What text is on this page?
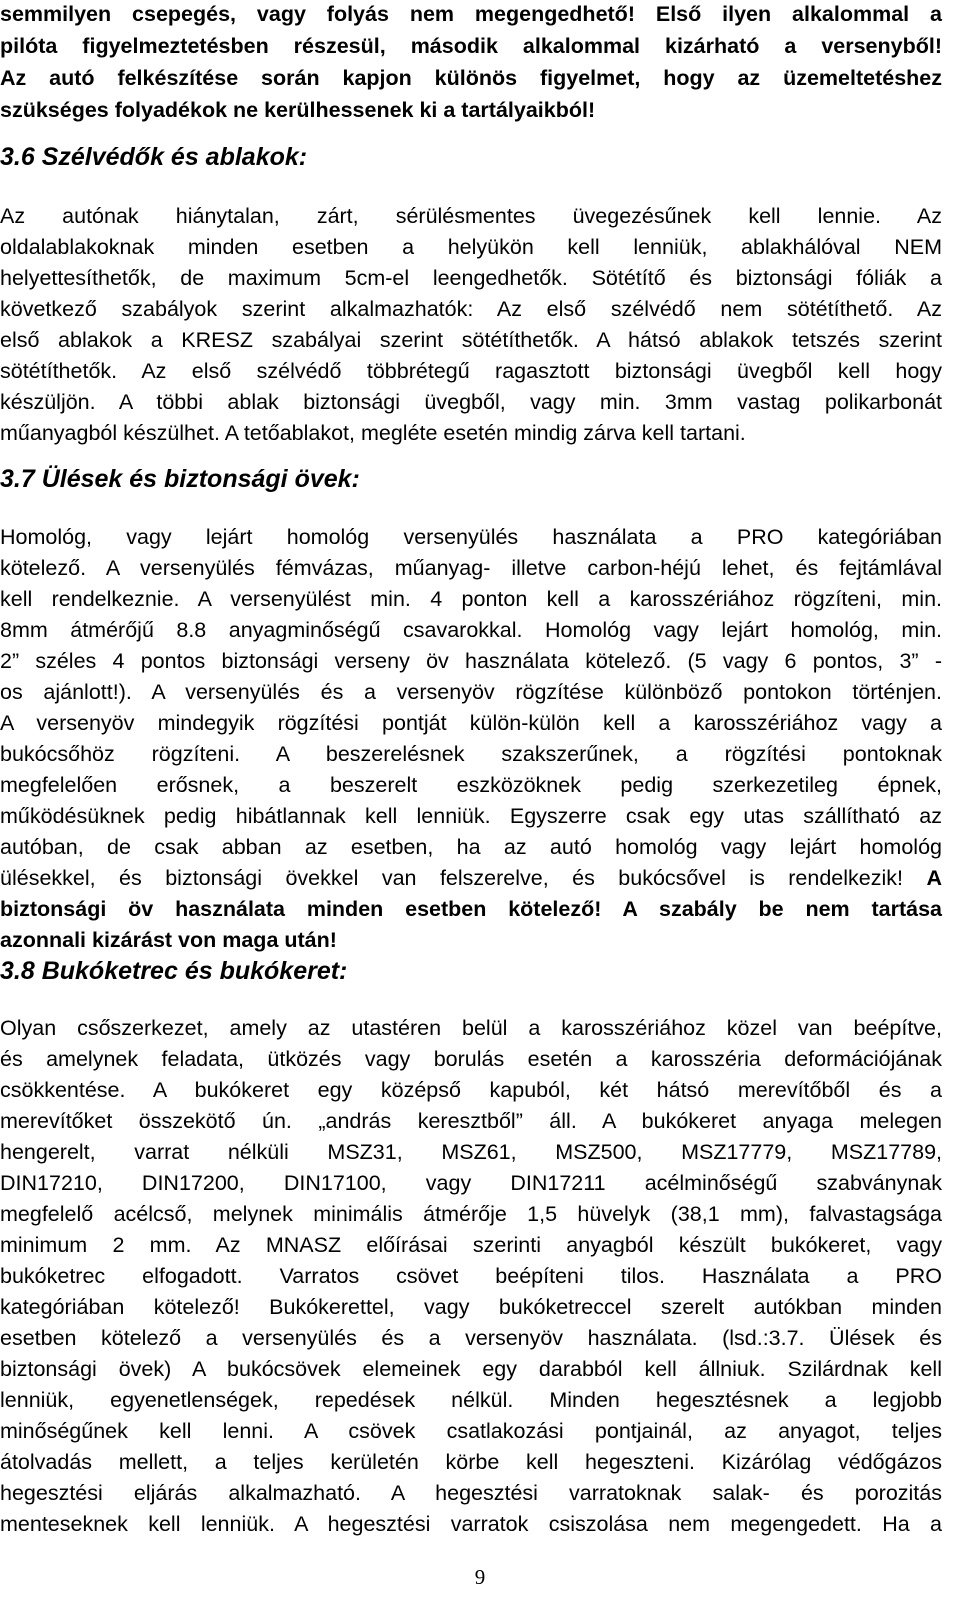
semmilyen csepegés, vagy folyás nem megengedhető! Első ilyen alkalommal a
pilóta figyelmeztetésben részesül, második alkalommal kizárható a versenyből!
Az autó felkészítése során kapjon különös figyelmet, hogy az üzemeltetéshez
szükséges folyadékok ne kerülhessenek ki a tartályaikból!
3.6 Szélvédők és ablakok:
Az autónak hiánytalan, zárt, sérülésmentes üvegezésűnek kell lennie. Az
oldalablakoknak minden esetben a helyükön kell lenniük, ablakhálóval NEM
helyettesíthetők, de maximum 5cm-el leengedhetők. Sötétítő és biztonsági fóliák a
következő szabályok szerint alkalmazhatók: Az első szélvédő nem sötétíthető. Az
első ablakok a KRESZ szabályai szerint sötétíthetők. A hátsó ablakok tetszés szerint
sötétíthetők. Az első szélvédő többrétegű ragasztott biztonsági üvegből kell hogy
készüljön. A többi ablak biztonsági üvegből, vagy min. 3mm vastag polikarbonát
műanyagból készülhet. A tetőablakot, megléte esetén mindig zárva kell tartani.
3.7 Ülések és biztonsági övek:
Homológ, vagy lejárt homológ versenyülés használata a PRO kategóriában
kötelező. A versenyülés fémvázas, műanyag- illetve carbon-héjú lehet, és fejtámlával
kell rendelkeznie. A versenyülést min. 4 ponton kell a karosszériához rögzíteni, min.
8mm átmérőjű 8.8 anyagminőségű csavarokkal. Homológ vagy lejárt homológ, min.
2” széles 4 pontos biztonsági verseny öv használata kötelező. (5 vagy 6 pontos, 3” -
os ajánlott!). A versenyülés és a versenyöv rögzítése különböző pontokon történjen.
A versenyöv mindegyik rögzítési pontját külön-külön kell a karosszériához vagy a
bukócsőhöz rögzíteni. A beszerelésnek szakszerűnek, a rögzítési pontoknak
megfelelően erősnek, a beszerelt eszközöknek pedig szerkezetileg épnek,
működésüknek pedig hibátlannak kell lenniük. Egyszerre csak egy utas szállítható az
autóban, de csak abban az esetben, ha az autó homológ vagy lejárt homológ
ülésekkel, és biztonsági övekkel van felszerelve, és bukócsővel is rendelkezik! A
biztonsági öv használata minden esetben kötelező! A szabály be nem tartása
azonnali kizárást von maga után!
3.8 Bukóketrec és bukókeret:
Olyan csőszerkezet, amely az utastéren belül a karosszériához közel van beépítve,
és amelynek feladata, ütközés vagy borulás esetén a karosszéria deformációjának
csökkentése. A bukókeret egy középső kapuból, két hátsó merevítőből és a
merevítőket összekötő ún. „andrás keresztből” áll. A bukókeret anyaga melegen
hengerelt, varrat nélküli MSZ31, MSZ61, MSZ500, MSZ17779, MSZ17789,
DIN17210, DIN17200, DIN17100, vagy DIN17211 acélminőségű szabványnak
megfelelő acélcső, melynek minimális átmérője 1,5 hüvelyk (38,1 mm), falvastagsága
minimum 2 mm. Az MNASZ előírásai szerinti anyagból készült bukókeret, vagy
bukóketrec elfogadott. Varratos csövet beépíteni tilos. Használata a PRO
kategóriában kötelező! Bukókerettel, vagy bukóketreccel szerelt autókban minden
esetben kötelező a versenyülés és a versenyöv használata. (lsd.:3.7. Ülések és
biztonsági övek) A bukócsövek elemeinek egy darabból kell állniuk. Szilárdnak kell
lenniük, egyenetlenségek, repedések nélkül. Minden hegesztésnek a legjobb
minőségűnek kell lenni. A csövek csatlakozási pontjainál, az anyagot, teljes
átolvadás mellett, a teljes kerületén körbe kell hegeszteni. Kizárólag védőgázos
hegesztési eljárás alkalmazható. A hegesztési varratoknak salak- és porozitás
menteseknek kell lenniük. A hegesztési varratok csiszolása nem megengedett. Ha a
9
